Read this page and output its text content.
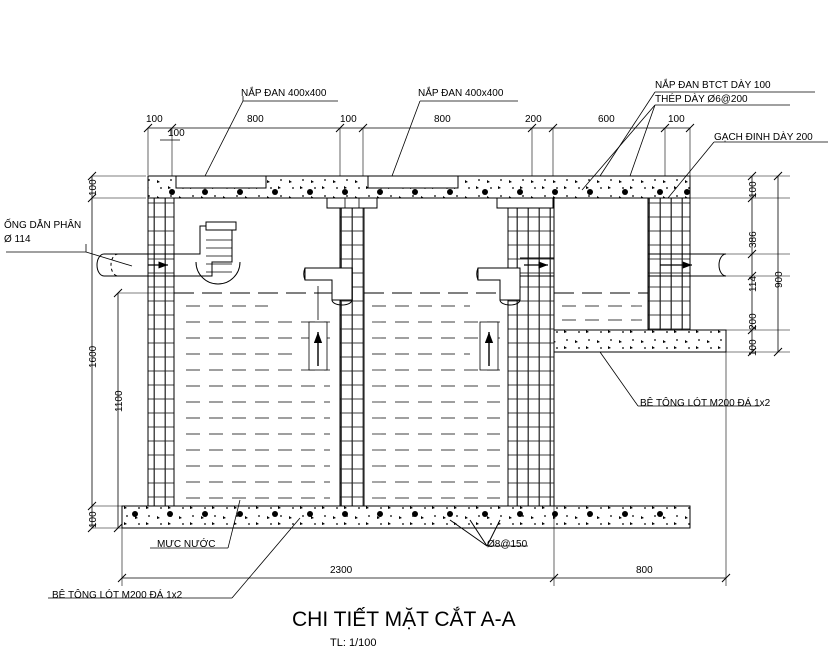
NẮP ĐAN 400x400	NẮP ĐAN 400x400
NẮP ĐAN BTCT DÀY 100
THÉP DÀY Ø6@200
GẠCH ĐINH DÀY 200
ỐNG DẪN PHÂN
Ø 114
BÊ TÔNG LÓT M200 ĐÁ 1x2
MỰC NƯỚC	Ø8@150
BÊ TÔNG LÓT M200 ĐÁ 1x2
100
100
800	100	800	200	600	100
100
1600
1100
100
100
386
114
200
100
900
2300	800
CHI TIẾT MẶT CẮT A-A
TL: 1/100
